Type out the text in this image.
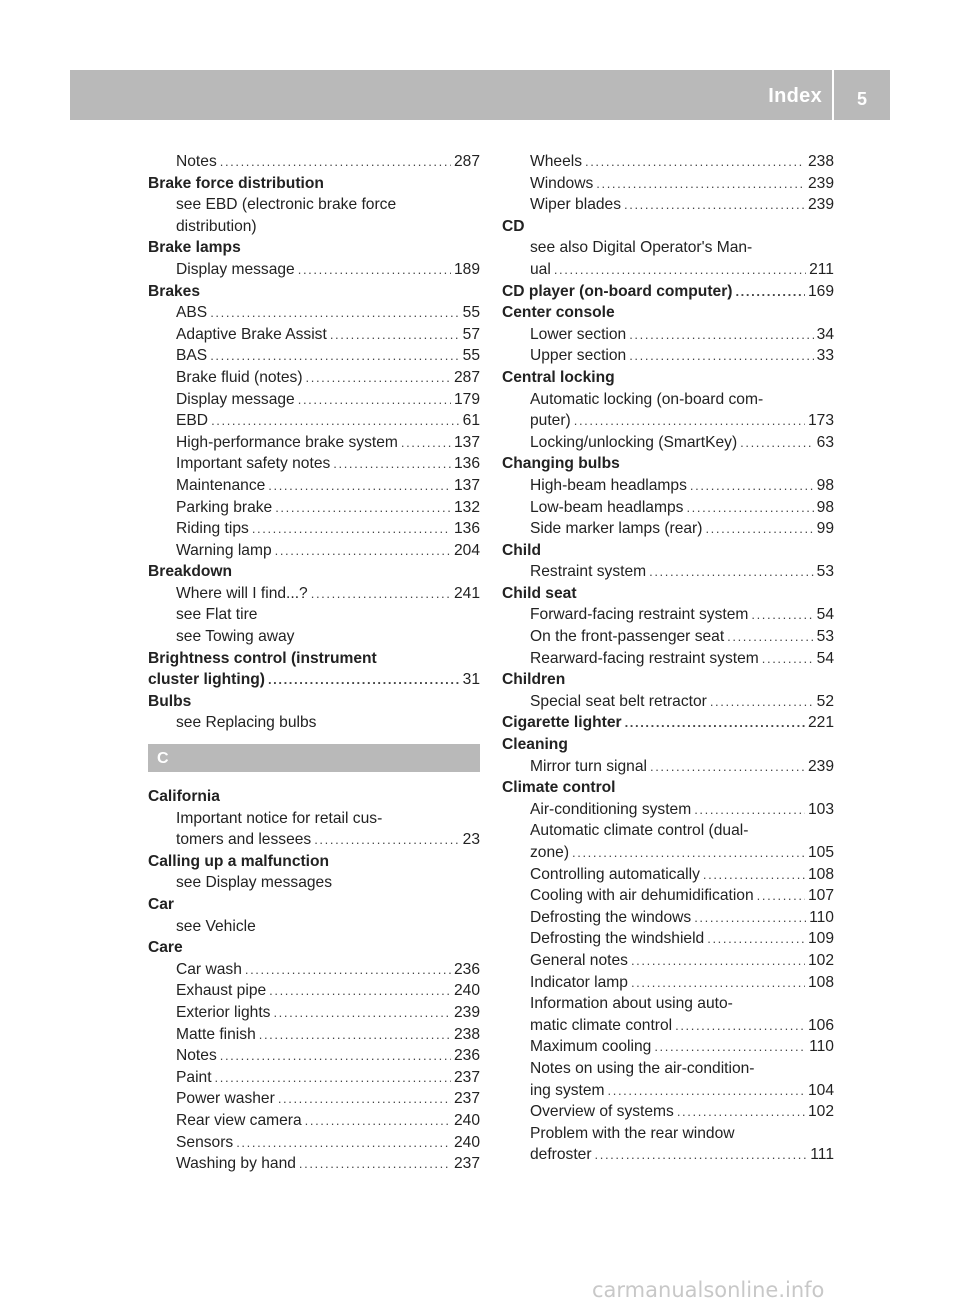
Index	5
Notes .....	287
Brake force distribution
see EBD (electronic brake force
distribution)
Brake lamps
Display message .....	189
Brakes
ABS .....	55
Adaptive Brake Assist .....	57
BAS .....	55
Brake fluid (notes) .....	287
Display message .....	179
EBD .....	61
High-performance brake system .....	137
Important safety notes .....	136
Maintenance .....	137
Parking brake .....	132
Riding tips .....	136
Warning lamp .....	204
Breakdown
Where will I find...? .....	241
see Flat tire
see Towing away
Brightness control (instrument
cluster lighting) .....	31
Bulbs
see Replacing bulbs
C
California
Important notice for retail cus-
tomers and lessees .....	23
Calling up a malfunction
see Display messages
Car
see Vehicle
Care
Car wash .....	236
Exhaust pipe .....	240
Exterior lights .....	239
Matte finish .....	238
Notes .....	236
Paint .....	237
Power washer .....	237
Rear view camera .....	240
Sensors .....	240
Washing by hand .....	237
Wheels .....	238
Windows .....	239
Wiper blades .....	239
CD
see also Digital Operator's Man-
ual .....	211
CD player (on-board computer) .....	169
Center console
Lower section .....	34
Upper section .....	33
Central locking
Automatic locking (on-board com-
puter) .....	173
Locking/unlocking (SmartKey) .....	63
Changing bulbs
High-beam headlamps .....	98
Low-beam headlamps .....	98
Side marker lamps (rear) .....	99
Child
Restraint system .....	53
Child seat
Forward-facing restraint system .....	54
On the front-passenger seat .....	53
Rearward-facing restraint system .....	54
Children
Special seat belt retractor .....	52
Cigarette lighter .....	221
Cleaning
Mirror turn signal .....	239
Climate control
Air-conditioning system .....	103
Automatic climate control (dual-
zone) .....	105
Controlling automatically .....	108
Cooling with air dehumidification .....	107
Defrosting the windows .....	110
Defrosting the windshield .....	109
General notes .....	102
Indicator lamp .....	108
Information about using auto-
matic climate control .....	106
Maximum cooling .....	110
Notes on using the air-condition-
ing system .....	104
Overview of systems .....	102
Problem with the rear window
defroster .....	111
carmanualsonline.info
